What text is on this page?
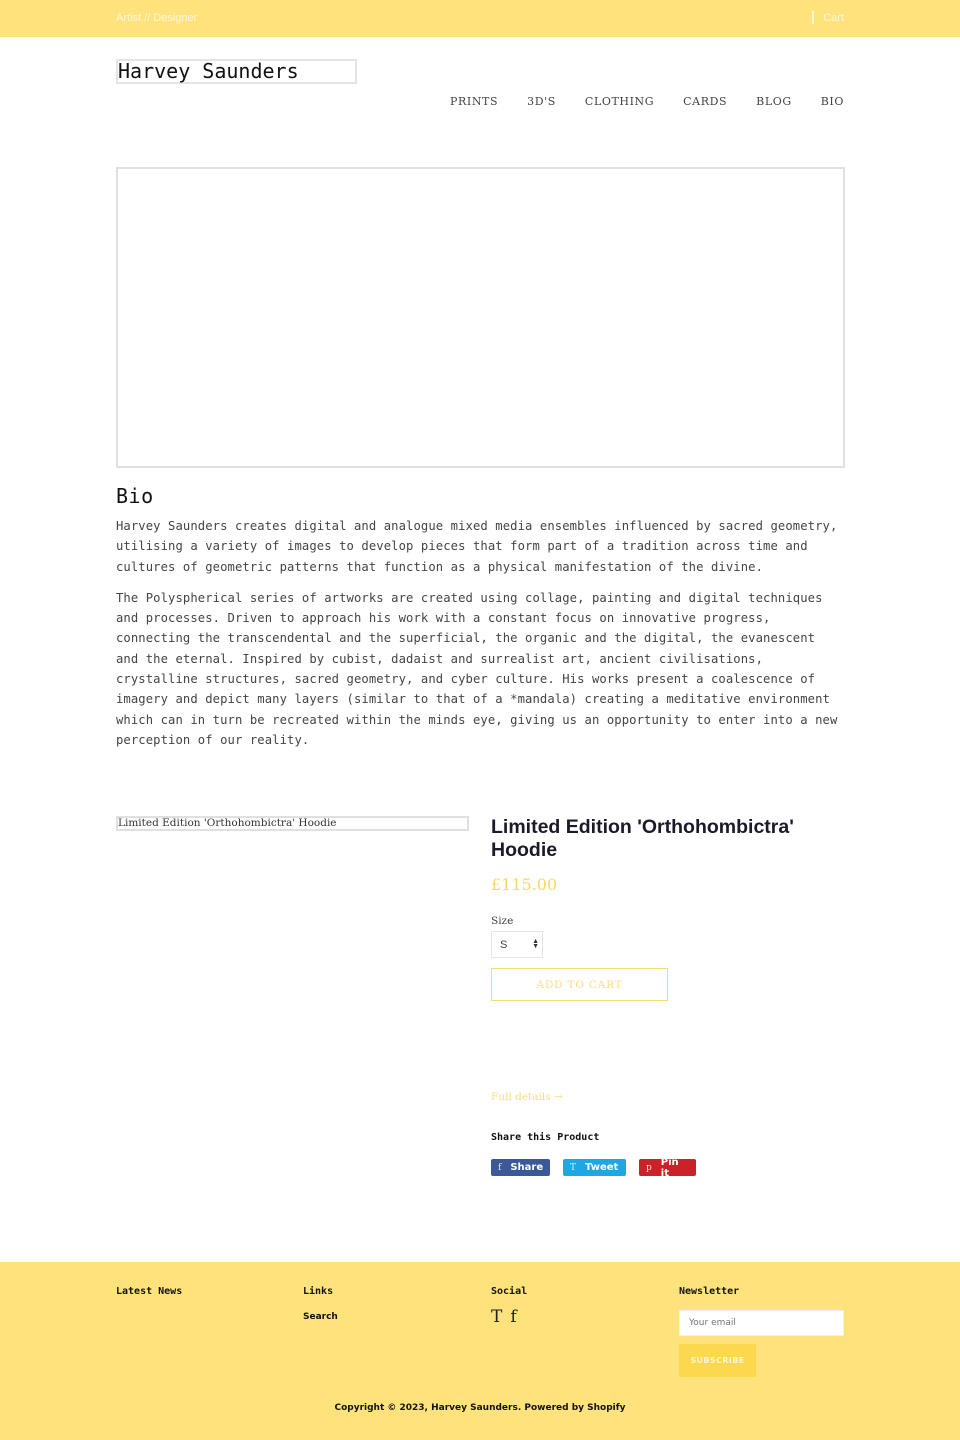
Artist // Designer	Cart
Harvey Saunders
PRINTS	3D'S	CLOTHING	CARDS	BLOG	BIO
Bio

Harvey Saunders creates digital and analogue mixed media ensembles influenced by sacred geometry, utilising a variety of images to develop pieces that form part of a tradition across time and cultures of geometric patterns that function as a physical manifestation of the divine.

The Polyspherical series of artworks are created using collage, painting and digital techniques and processes. Driven to approach his work with a constant focus on innovative progress, connecting the transcendental and the superficial, the organic and the digital, the evanescent and the eternal. Inspired by cubist, dadaist and surrealist art, ancient civilisations, crystalline structures, sacred geometry, and cyber culture. His works present a coalescence of imagery and depict many layers (similar to that of a *mandala) creating a meditative environment which can in turn be recreated within the minds eye, giving us an opportunity to enter into a new perception of our reality.

Limited Edition 'Orthohombictra' Hoodie	Limited Edition 'Orthohombictra' Hoodie
£115.00
Size
S	▲
▼
ADD TO CART
Full details →
Share this Product
f Share	T Tweet	p Pin it
Latest News	Links
Search
Social
T f
Newsletter
Your email
SUBSCRIBE
Copyright © 2023, Harvey Saunders. Powered by Shopify
